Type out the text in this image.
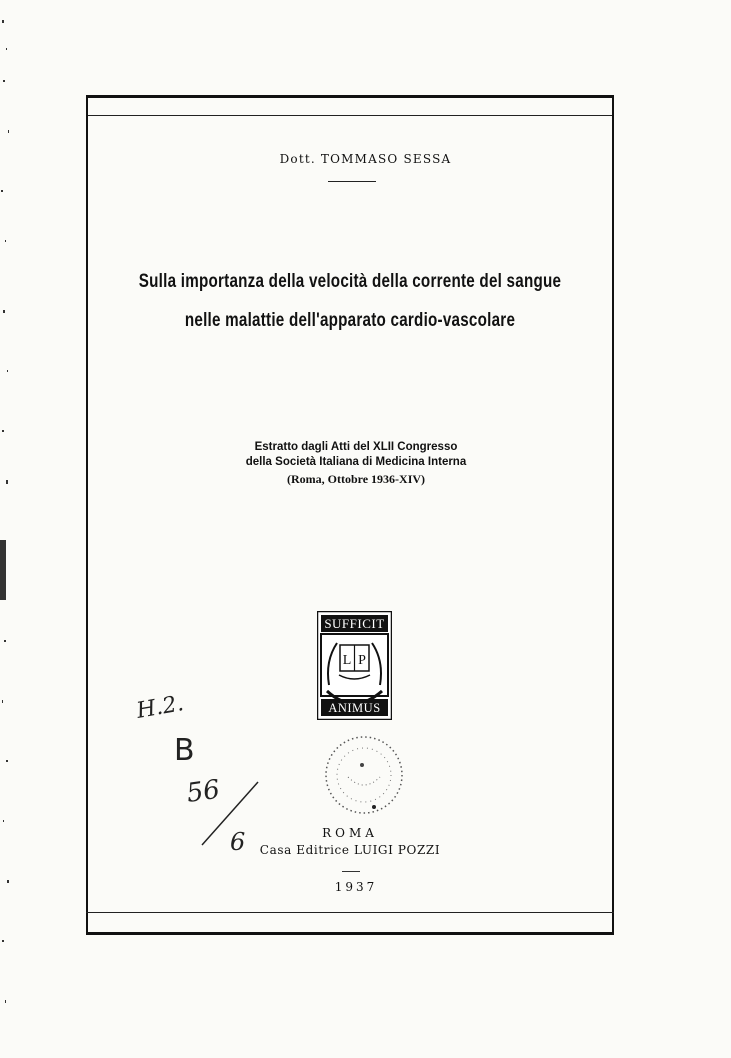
Dott. TOMMASO SESSA
Sulla importanza della velocità della corrente del sangue
nelle malattie dell'apparato cardio-vascolare
Estratto dagli Atti del XLII Congresso
della Società Italiana di Medicina Interna
(Roma, Ottobre 1936-XIV)
SUFFICIT
L P
ANIMUS
H.2.
B
56
6	ROMA
Casa Editrice LUIGI POZZI
1937
